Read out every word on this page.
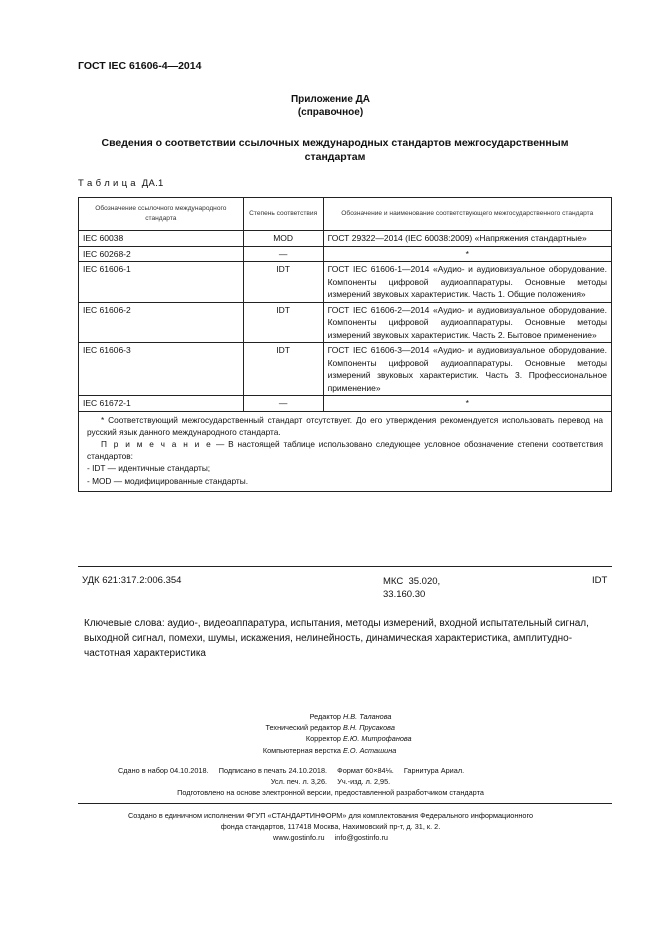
ГОСТ IEC 61606-4—2014
Приложение ДА
(справочное)
Сведения о соответствии ссылочных международных стандартов межгосударственным стандартам
Т а б л и ц а  ДА.1
Обозначение ссылочного международного стандарта	Степень соответствия	Обозначение и наименование соответствующего межгосударственного стандарта
IEC 60038	MOD	ГОСТ 29322—2014 (IEC 60038:2009) «Напряжения стандартные»
IEC 60268-2	—	*
IEC 61606-1	IDT	ГОСТ IEC 61606-1—2014 «Аудио- и аудиовизуальное оборудование. Компоненты цифровой аудиоаппаратуры. Основные методы измерений звуковых характеристик. Часть 1. Общие положения»
IEC 61606-2	IDT	ГОСТ IEC 61606-2—2014 «Аудио- и аудиовизуальное оборудование. Компоненты цифровой аудиоаппаратуры. Основные методы измерений звуковых характеристик. Часть 2. Бытовое применение»
IEC 61606-3	IDT	ГОСТ IEC 61606-3—2014 «Аудио- и аудиовизуальное оборудование. Компоненты цифровой аудиоаппаратуры. Основные методы измерений звуковых характеристик. Часть 3. Профессиональное применение»
IEC 61672-1	—	*

* Соответствующий межгосударственный стандарт отсутствует. До его утверждения рекомендуется использовать перевод на русский язык данного международного стандарта.

П р и м е ч а н и е — В настоящей таблице использовано следующее условное обозначение степени соответствия стандартов:

- IDT — идентичные стандарты;

- MOD — модифицированные стандарты.		

УДК 621:317.2:006.354	МКС  35.020,
33.160.30
IDT
Ключевые слова: аудио-, видеоаппаратура, испытания, методы измерений, входной испытательный сигнал, выходной сигнал, помехи, шумы, искажения, нелинейность, динамическая характеристика, амплитудно-частотная характеристика
Редактор Н.В. Таланова
Технический редактор В.Н. Прусакова
Корректор Е.Ю. Митрофанова
Компьютерная верстка Е.О. Асташина
Сдано в набор 04.10.2018.     Подписано в печать 24.10.2018.     Формат 60×84⅛.     Гарнитура Ариал.
Усл. печ. л. 3,26.     Уч.-изд. л. 2,95.
Подготовлено на основе электронной версии, предоставленной разработчиком стандарта
Создано в единичном исполнении ФГУП «СТАНДАРТИНФОРМ» для комплектования Федерального информационного
фонда стандартов, 117418 Москва, Нахимовский пр-т, д. 31, к. 2.
www.gostinfo.ru     info@gostinfo.ru
